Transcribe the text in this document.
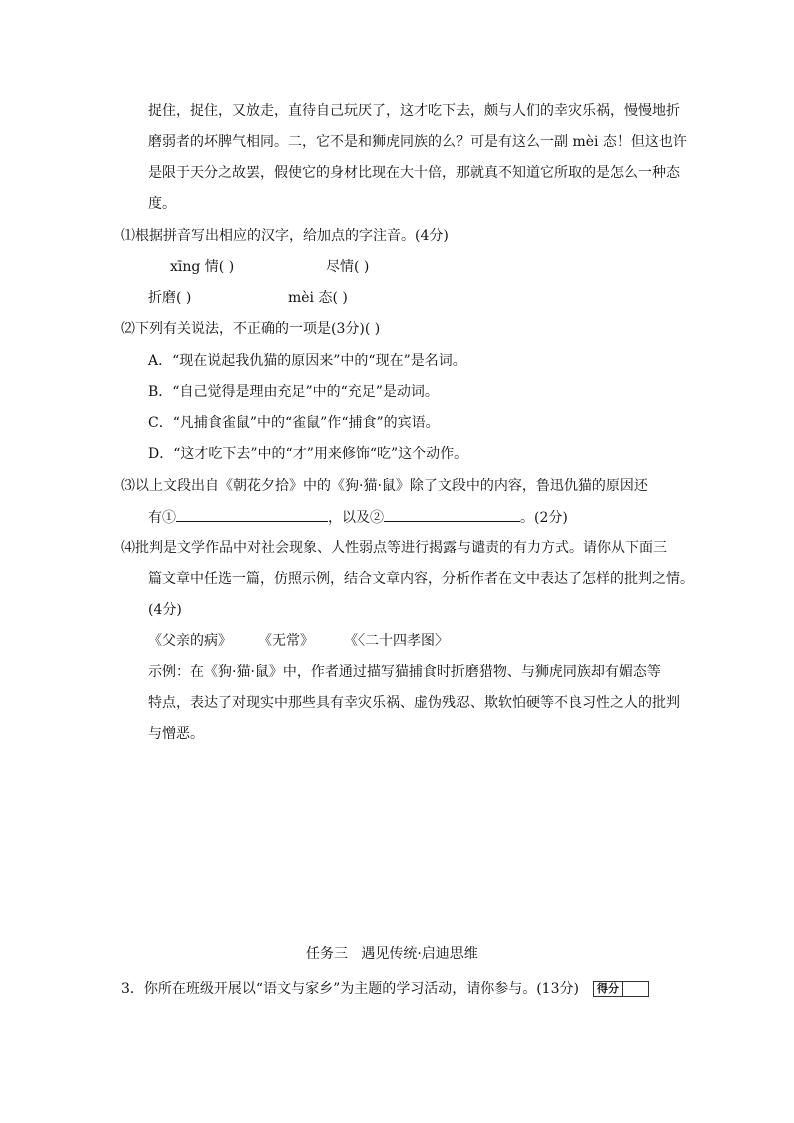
捉住，捉住，又放走，直待自己玩厌了，这才吃下去，颇与人们的幸灾乐祸，慢慢地折
磨弱者的坏脾气相同。二，它不是和狮虎同族的么？可是有这么一副 mèi 态！但这也许
是限于天分之故罢，假使它的身材比现在大十倍，那就真不知道它所取的是怎么一种态
度。
⑴根据拼音写出相应的汉字，给加点的字注音。(4分)
xīng 情( )	尽情( )
折磨( )	mèi 态( )
⑵下列有关说法，不正确的一项是(3分)( )
A．“现在说起我仇猫的原因来”中的“现在”是名词。
B．“自己觉得是理由充足”中的“充足”是动词。
C．“凡捕食雀鼠”中的“雀鼠”作“捕食”的宾语。
D．“这才吃下去”中的“才”用来修饰“吃”这个动作。
⑶以上文段出自《朝花夕拾》中的《狗·猫·鼠》除了文段中的内容，鲁迅仇猫的原因还
有①	，以及②	。(2分)
⑷批判是文学作品中对社会现象、人性弱点等进行揭露与谴责的有力方式。请你从下面三
篇文章中任选一篇，仿照示例，结合文章内容，分析作者在文中表达了怎样的批判之情。
(4分)
《父亲的病》 《无常》 《〈二十四孝图〉
示例：在《狗·猫·鼠》中，作者通过描写猫捕食时折磨猎物、与狮虎同族却有媚态等
特点，表达了对现实中那些具有幸灾乐祸、虚伪残忍、欺软怕硬等不良习性之人的批判
与憎恶。
任务三   遇见传统·启迪思维
3．你所在班级开展以“语文与家乡”为主题的学习活动，请你参与。(13分) 得分
